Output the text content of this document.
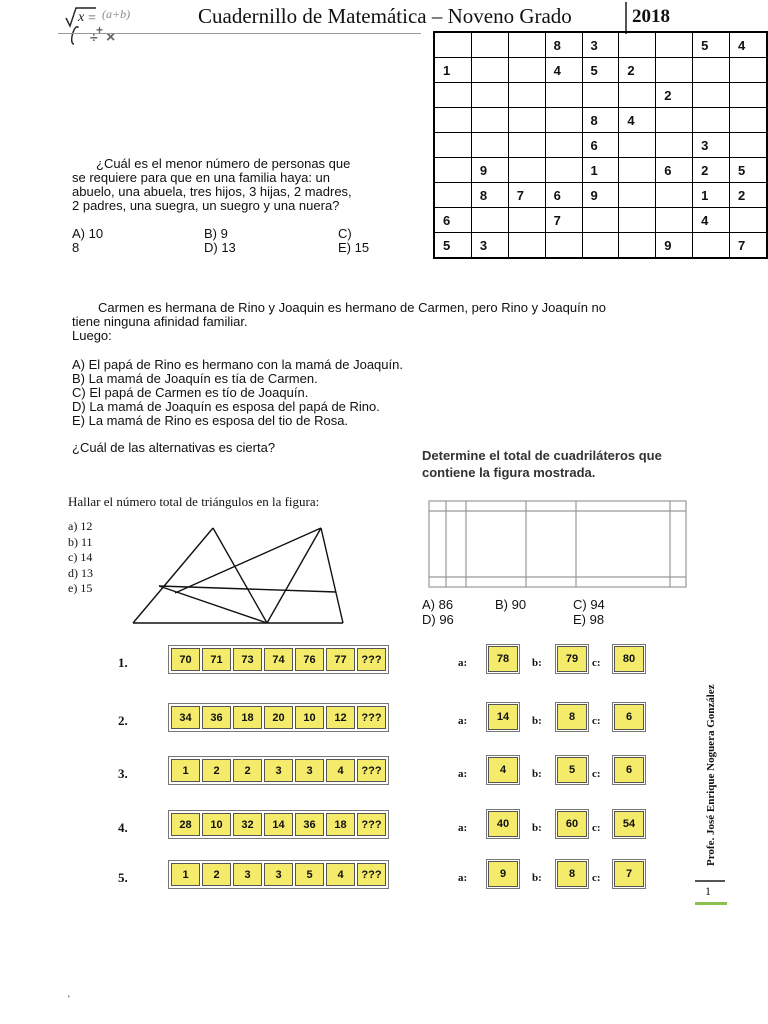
x = (a+b)
÷ ×
+
Cuadernillo de Matemática – Noveno Grado	2018
			8	3			5	4
1			4	5	2			
						2		
				8	4			
				6			3	
	9			1		6	2	5
	8	7	6	9			1	2
6			7				4	
5	3					9		7
¿Cuál es el menor número de personas que
se requiere para que en una familia haya: un
abuelo, una abuela, tres hijos, 3 hijas, 2 madres,
2 padres, una suegra, un suegro y una nuera?
A) 10	B) 9	C)
8	D) 13	E) 15
Carmen es hermana de Rino y Joaquin es hermano de Carmen, pero Rino y Joaquín no
tiene ninguna afinidad familiar.
Luego:
A) El papá de Rino es hermano con la mamá de Joaquín.
B) La mamá de Joaquín es tía de Carmen.
C) El papá de Carmen es tío de Joaquín.
D) La mamá de Joaquín es esposa del papá de Rino.
E) La mamá de Rino es esposa del tio de Rosa.
¿Cuál de las alternativas es cierta?
Hallar el número total de triángulos en la figura:
a) 12
b) 11
c) 14
d) 13
e) 15
Determine el total de cuadriláteros que
contiene la figura mostrada.
A) 86	B) 90	C) 94
D) 96	E) 98
1.	70	71	73	74	76	77	???	a:	78	b:	79	c:	80
2.	34	36	18	20	10	12	???	a:	14	b:	8	c:	6
3.	1	2	2	3	3	4	???	a:	4	b:	5	c:	6
4.	28	10	32	14	36	18	???	a:	40	b:	60	c:	54
5.	1	2	3	3	5	4	???	a:	9	b:	8	c:	7
Profe. José Enrique Noguera González
1
'
